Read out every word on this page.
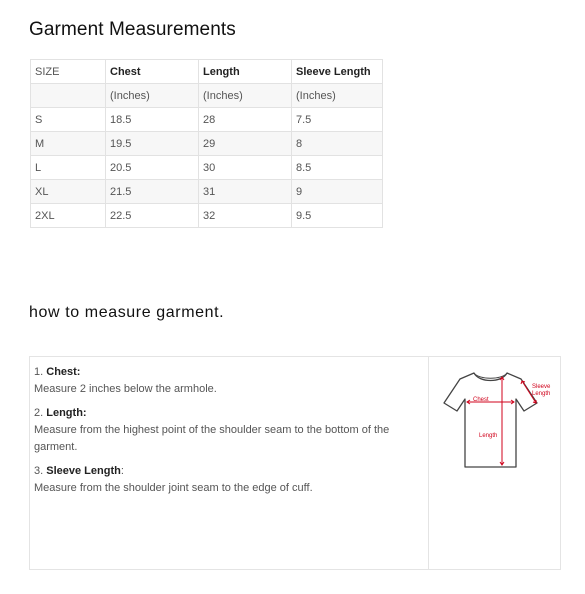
Garment Measurements
SIZE	Chest	Length	Sleeve Length
	(Inches)	(Inches)	(Inches)
S	18.5	28	7.5
M	19.5	29	8
L	20.5	30	8.5
XL	21.5	31	9
2XL	22.5	32	9.5
how to measure garment.

1. Chest:

Measure 2 inches below the armhole.

2. Length:

Measure from the highest point of the shoulder seam to the bottom of the garment.

3. Sleeve Length:

Measure from the shoulder joint seam to the edge of cuff.

Chest
Length
Sleeve
Length
